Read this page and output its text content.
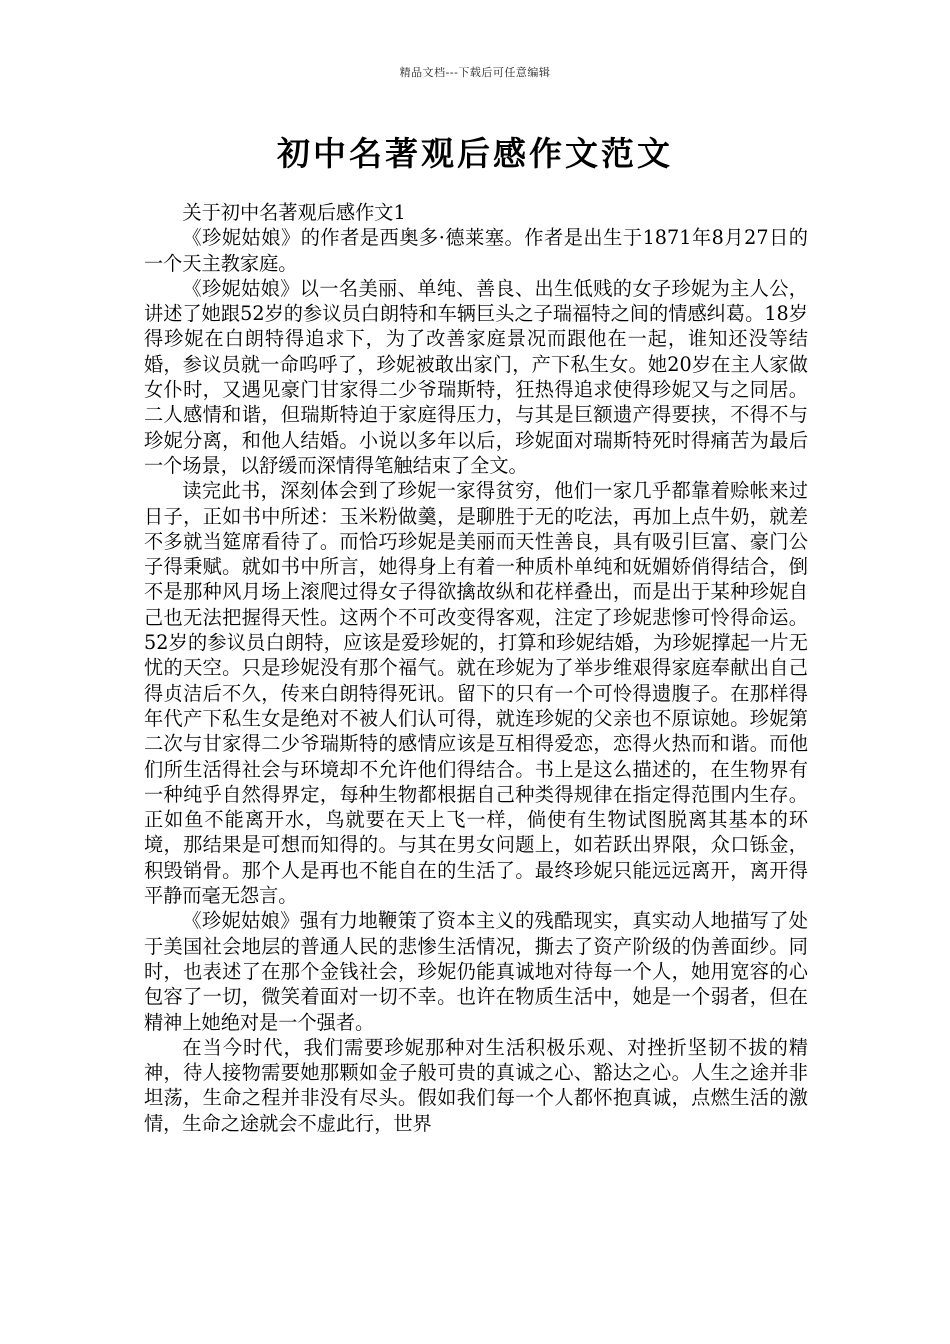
精品文档---下载后可任意编辑
初中名著观后感作文范文

关于初中名著观后感作文1

《珍妮姑娘》的作者是西奥多·德莱塞。作者是出生于1871年8月27日的一个天主教家庭。

《珍妮姑娘》以一名美丽、单纯、善良、出生低贱的女子珍妮为主人公，讲述了她跟52岁的参议员白朗特和车辆巨头之子瑞福特之间的情感纠葛。18岁得珍妮在白朗特得追求下，为了改善家庭景况而跟他在一起，谁知还没等结婚，参议员就一命呜呼了，珍妮被敢出家门，产下私生女。她20岁在主人家做女仆时，又遇见豪门甘家得二少爷瑞斯特，狂热得追求使得珍妮又与之同居。二人感情和谐，但瑞斯特迫于家庭得压力，与其是巨额遗产得要挟，不得不与珍妮分离，和他人结婚。小说以多年以后，珍妮面对瑞斯特死时得痛苦为最后一个场景，以舒缓而深情得笔触结束了全文。

读完此书，深刻体会到了珍妮一家得贫穷，他们一家几乎都靠着赊帐来过日子，正如书中所述：玉米粉做羹，是聊胜于无的吃法，再加上点牛奶，就差不多就当筵席看待了。而恰巧珍妮是美丽而天性善良，具有吸引巨富、豪门公子得秉赋。就如书中所言，她得身上有着一种质朴单纯和妩媚娇俏得结合，倒不是那种风月场上滚爬过得女子得欲擒故纵和花样叠出，而是出于某种珍妮自己也无法把握得天性。这两个不可改变得客观，注定了珍妮悲惨可怜得命运。52岁的参议员白朗特，应该是爱珍妮的，打算和珍妮结婚，为珍妮撑起一片无忧的天空。只是珍妮没有那个福气。就在珍妮为了举步维艰得家庭奉献出自己得贞洁后不久，传来白朗特得死讯。留下的只有一个可怜得遗腹子。在那样得年代产下私生女是绝对不被人们认可得，就连珍妮的父亲也不原谅她。珍妮第二次与甘家得二少爷瑞斯特的感情应该是互相得爱恋，恋得火热而和谐。而他们所生活得社会与环境却不允许他们得结合。书上是这么描述的，在生物界有一种纯乎自然得界定，每种生物都根据自己种类得规律在指定得范围内生存。正如鱼不能离开水，鸟就要在天上飞一样，倘使有生物试图脱离其基本的环境，那结果是可想而知得的。与其在男女问题上，如若跃出界限，众口铄金，积毁销骨。那个人是再也不能自在的生活了。最终珍妮只能远远离开，离开得平静而毫无怨言。

《珍妮姑娘》强有力地鞭策了资本主义的残酷现实，真实动人地描写了处于美国社会地层的普通人民的悲惨生活情况，撕去了资产阶级的伪善面纱。同时，也表述了在那个金钱社会，珍妮仍能真诚地对待每一个人，她用宽容的心包容了一切，微笑着面对一切不幸。也许在物质生活中，她是一个弱者，但在精神上她绝对是一个强者。

在当今时代，我们需要珍妮那种对生活积极乐观、对挫折坚韧不拔的精神，待人接物需要她那颗如金子般可贵的真诚之心、豁达之心。人生之途并非坦荡，生命之程并非没有尽头。假如我们每一个人都怀抱真诚，点燃生活的激情，生命之途就会不虚此行，世界
